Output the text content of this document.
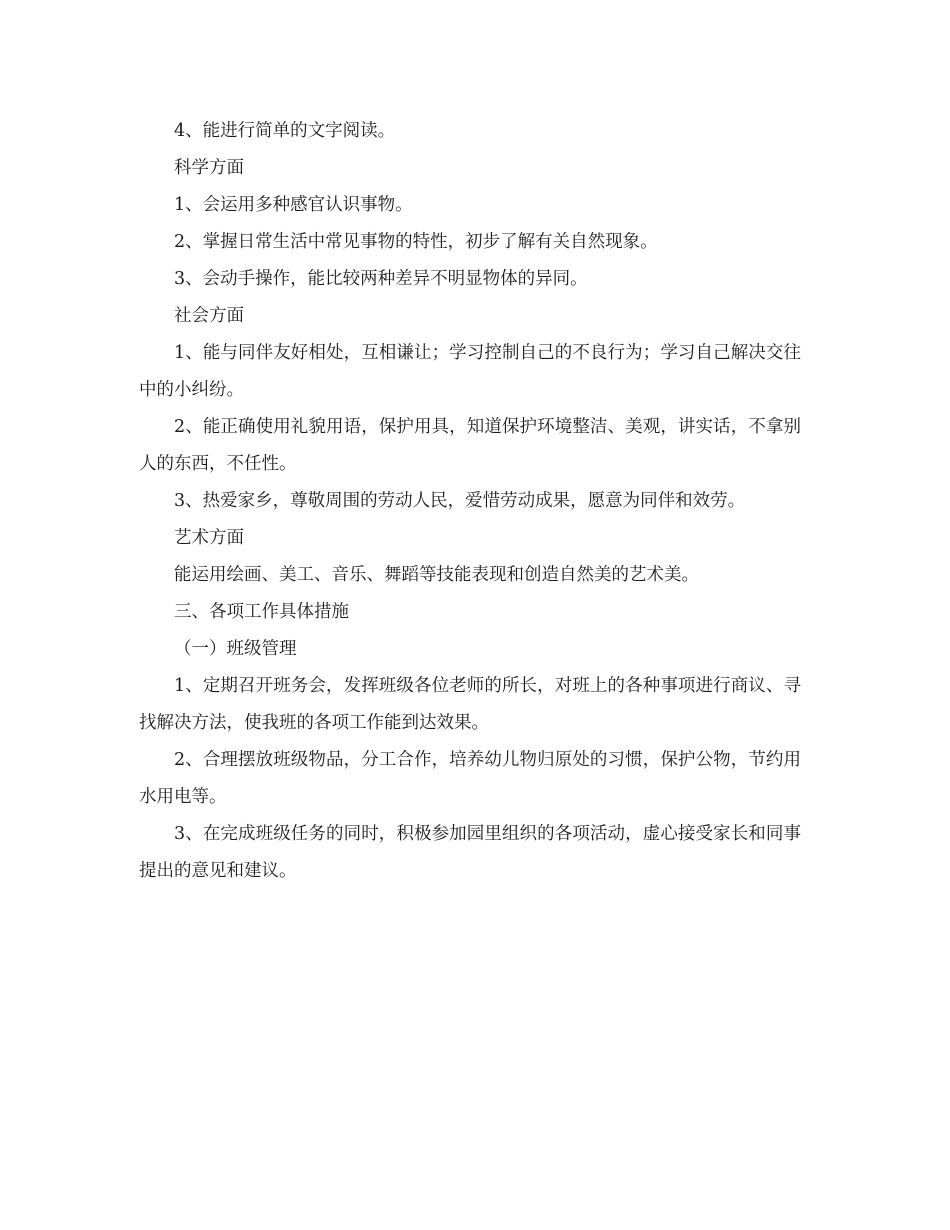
4、能进行简单的文字阅读。

科学方面

1、会运用多种感官认识事物。

2、掌握日常生活中常见事物的特性，初步了解有关自然现象。

3、会动手操作，能比较两种差异不明显物体的异同。

社会方面

1、能与同伴友好相处，互相谦让；学习控制自己的不良行为；学习自己解决交往中的小纠纷。

2、能正确使用礼貌用语，保护用具，知道保护环境整洁、美观，讲实话，不拿别人的东西，不任性。

3、热爱家乡，尊敬周围的劳动人民，爱惜劳动成果，愿意为同伴和效劳。

艺术方面

能运用绘画、美工、音乐、舞蹈等技能表现和创造自然美的艺术美。

三、各项工作具体措施

（一）班级管理

1、定期召开班务会，发挥班级各位老师的所长，对班上的各种事项进行商议、寻找解决方法，使我班的各项工作能到达效果。

2、合理摆放班级物品，分工合作，培养幼儿物归原处的习惯，保护公物，节约用水用电等。

3、在完成班级任务的同时，积极参加园里组织的各项活动，虚心接受家长和同事提出的意见和建议。
